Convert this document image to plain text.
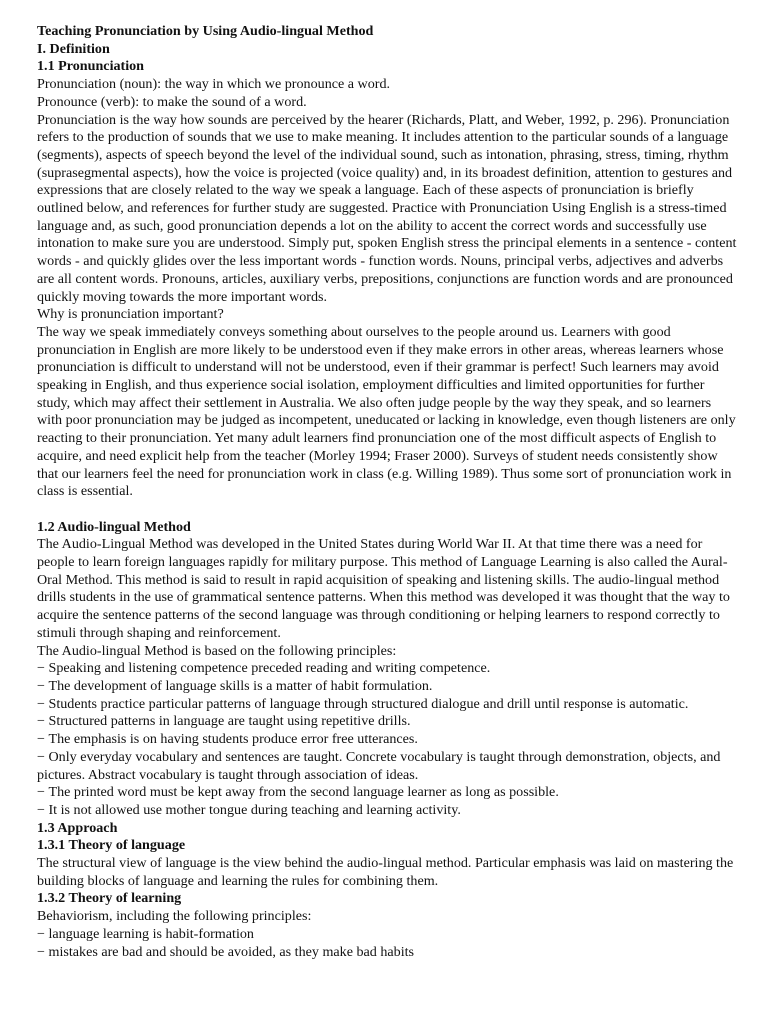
Teaching Pronunciation by Using Audio-lingual Method
I. Definition
1.1 Pronunciation

Pronunciation (noun): the way in which we pronounce a word.

Pronounce (verb): to make the sound of a word.

Pronunciation is the way how sounds are perceived by the hearer (Richards, Platt, and Weber, 1992, p. 296). Pronunciation refers to the production of sounds that we use to make meaning. It includes attention to the particular sounds of a language (segments), aspects of speech beyond the level of the individual sound, such as intonation, phrasing, stress, timing, rhythm (suprasegmental aspects), how the voice is projected (voice quality) and, in its broadest definition, attention to gestures and expressions that are closely related to the way we speak a language. Each of these aspects of pronunciation is briefly outlined below, and references for further study are suggested. Practice with Pronunciation Using English is a stress-timed language and, as such, good pronunciation depends a lot on the ability to accent the correct words and successfully use intonation to make sure you are understood. Simply put, spoken English stress the principal elements in a sentence - content words - and quickly glides over the less important words - function words. Nouns, principal verbs, adjectives and adverbs are all content words. Pronouns, articles, auxiliary verbs, prepositions, conjunctions are function words and are pronounced quickly moving towards the more important words.

Why is pronunciation important?

The way we speak immediately conveys something about ourselves to the people around us. Learners with good pronunciation in English are more likely to be understood even if they make errors in other areas, whereas learners whose pronunciation is difficult to understand will not be understood, even if their grammar is perfect! Such learners may avoid speaking in English, and thus experience social isolation, employment difficulties and limited opportunities for further study, which may affect their settlement in Australia. We also often judge people by the way they speak, and so learners with poor pronunciation may be judged as incompetent, uneducated or lacking in knowledge, even though listeners are only reacting to their pronunciation. Yet many adult learners find pronunciation one of the most difficult aspects of English to acquire, and need explicit help from the teacher (Morley 1994; Fraser 2000). Surveys of student needs consistently show that our learners feel the need for pronunciation work in class (e.g. Willing 1989). Thus some sort of pronunciation work in class is essential.

1.2 Audio-lingual Method

The Audio-Lingual Method was developed in the United States during World War II. At that time there was a need for people to learn foreign languages rapidly for military purpose. This method of Language Learning is also called the Aural-Oral Method. This method is said to result in rapid acquisition of speaking and listening skills. The audio-lingual method drills students in the use of grammatical sentence patterns. When this method was developed it was thought that the way to acquire the sentence patterns of the second language was through conditioning or helping learners to respond correctly to stimuli through shaping and reinforcement.

The Audio-lingual Method is based on the following principles:

− Speaking and listening competence preceded reading and writing competence.

− The development of language skills is a matter of habit formulation.

− Students practice particular patterns of language through structured dialogue and drill until response is automatic.

− Structured patterns in language are taught using repetitive drills.

− The emphasis is on having students produce error free utterances.

− Only everyday vocabulary and sentences are taught. Concrete vocabulary is taught through demonstration, objects, and pictures. Abstract vocabulary is taught through association of ideas.

− The printed word must be kept away from the second language learner as long as possible.

− It is not allowed use mother tongue during teaching and learning activity.

1.3 Approach
1.3.1 Theory of language

The structural view of language is the view behind the audio-lingual method. Particular emphasis was laid on mastering the building blocks of language and learning the rules for combining them.

1.3.2 Theory of learning

Behaviorism, including the following principles:

− language learning is habit-formation

− mistakes are bad and should be avoided, as they make bad habits
